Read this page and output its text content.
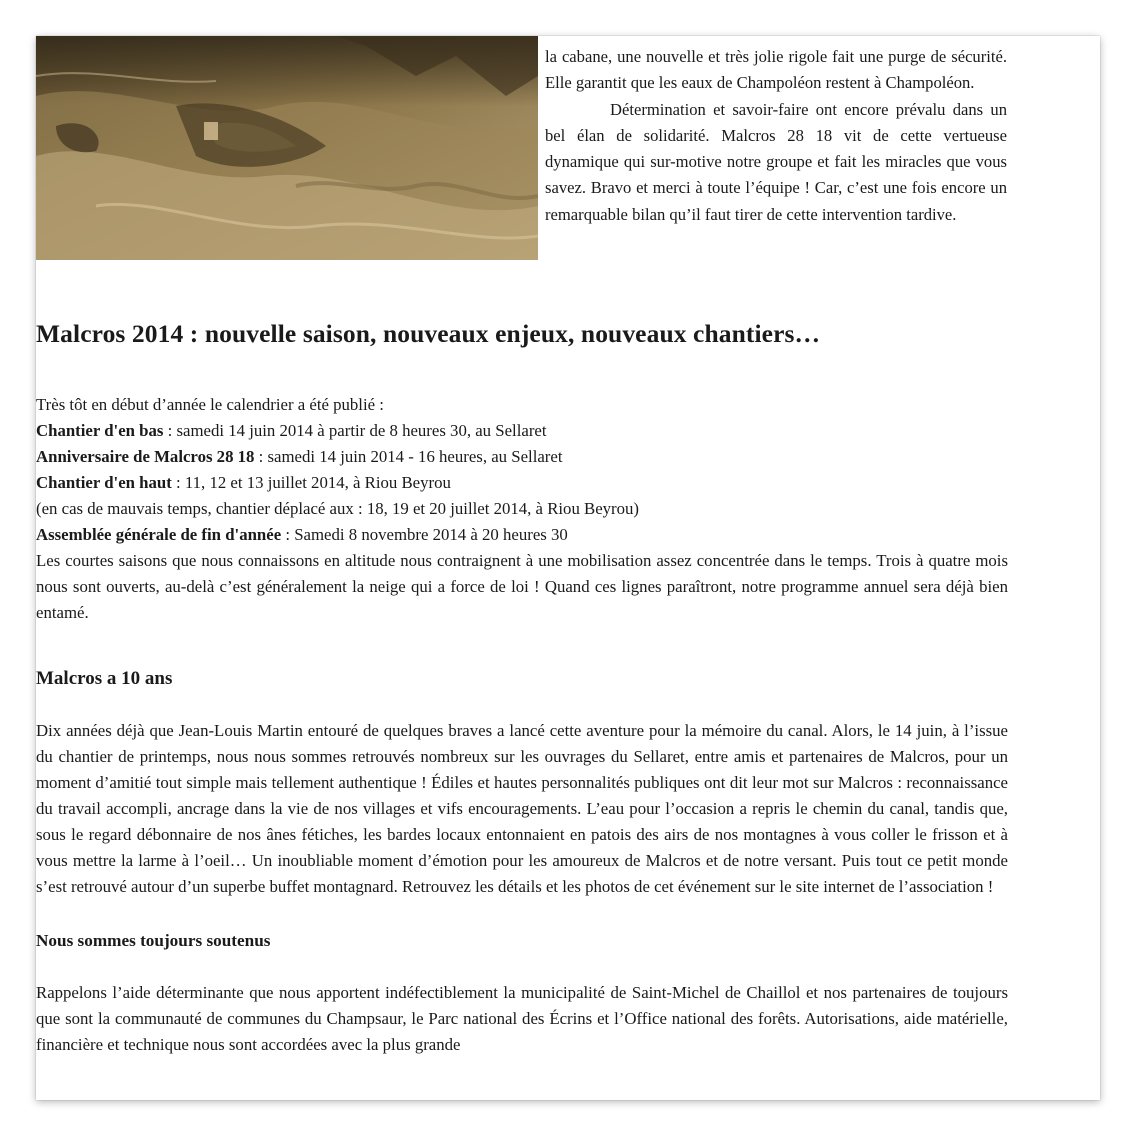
la cabane, une nouvelle et très jolie rigole fait une purge de sécurité. Elle garantit que les eaux de Champoléon restent à Champoléon.

Détermination et savoir-faire ont encore prévalu dans un bel élan de solidarité. Malcros 28 18 vit de cette vertueuse dynamique qui sur-motive notre groupe et fait les miracles que vous savez. Bravo et merci à toute l’équipe ! Car, c’est une fois encore un remarquable bilan qu’il faut tirer de cette intervention tardive.

Malcros 2014 : nouvelle saison, nouveaux enjeux, nouveaux chantiers…
Très tôt en début d’année le calendrier a été publié :
Chantier d'en bas : samedi 14 juin 2014 à partir de 8 heures 30, au Sellaret
Anniversaire de Malcros 28 18 : samedi 14 juin 2014 - 16 heures, au Sellaret
Chantier d'en haut : 11, 12 et 13 juillet 2014, à Riou Beyrou
(en cas de mauvais temps, chantier déplacé aux : 18, 19 et 20 juillet 2014, à Riou Beyrou)
Assemblée générale de fin d'année : Samedi 8 novembre 2014 à 20 heures 30
Les courtes saisons que nous connaissons en altitude nous contraignent à une mobilisation assez concentrée dans le temps. Trois à quatre mois nous sont ouverts, au-delà c’est généralement la neige qui a force de loi ! Quand ces lignes paraîtront, notre programme annuel sera déjà bien entamé.
Malcros a 10 ans
Dix années déjà que Jean-Louis Martin entouré de quelques braves a lancé cette aventure pour la mémoire du canal. Alors, le 14 juin, à l’issue du chantier de printemps, nous nous sommes retrouvés nombreux sur les ouvrages du Sellaret, entre amis et partenaires de Malcros, pour un moment d’amitié tout simple mais tellement authentique ! Édiles et hautes personnalités publiques ont dit leur mot sur Malcros : reconnaissance du travail accompli, ancrage dans la vie de nos villages et vifs encouragements. L’eau pour l’occasion a repris le chemin du canal, tandis que, sous le regard débonnaire de nos ânes fétiches, les bardes locaux entonnaient en patois des airs de nos montagnes à vous coller le frisson et à vous mettre la larme à l’oeil… Un inoubliable moment d’émotion pour les amoureux de Malcros et de notre versant. Puis tout ce petit monde s’est retrouvé autour d’un superbe buffet montagnard. Retrouvez les détails et les photos de cet événement sur le site internet de l’association !
Nous sommes toujours soutenus
Rappelons l’aide déterminante que nous apportent indéfectiblement la municipalité de Saint-Michel de Chaillol et nos partenaires de toujours que sont la communauté de communes du Champsaur, le Parc national des Écrins et l’Office national des forêts. Autorisations, aide matérielle, financière et technique nous sont accordées avec la plus grande
